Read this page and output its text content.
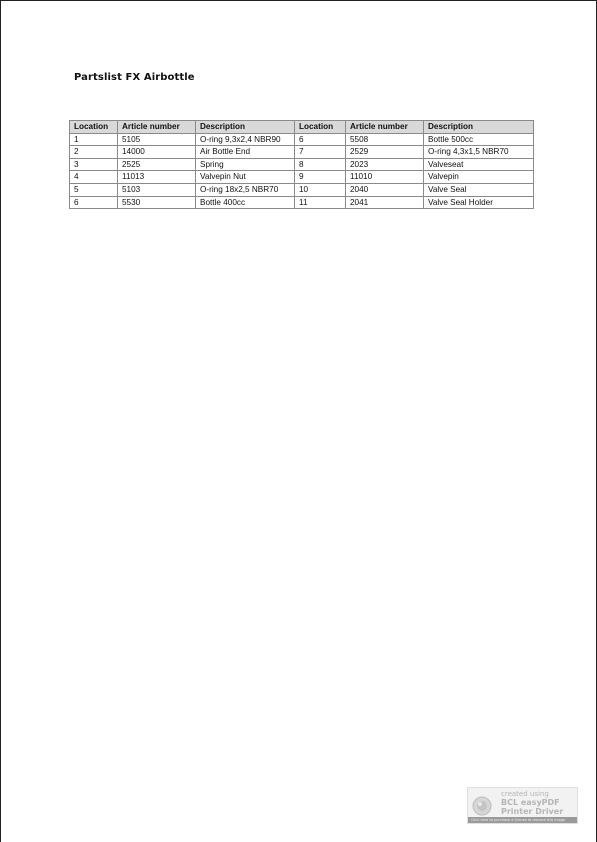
Partslist FX Airbottle
Location	Article number	Description	Location	Article number	Description
1	5105	O-ring 9,3x2,4 NBR90	6	5508	Bottle 500cc
2	14000	Air Bottle End	7	2529	O-ring 4,3x1,5 NBR70
3	2525	Spring	8	2023	Valveseat
4	11013	Valvepin Nut	9	11010	Valvepin
5	5103	O-ring 18x2,5 NBR70	10	2040	Valve Seal
6	5530	Bottle 400cc	11	2041	Valve Seal Holder
created using
BCL easyPDF
Printer Driver
Click here to purchase a license to remove this image
